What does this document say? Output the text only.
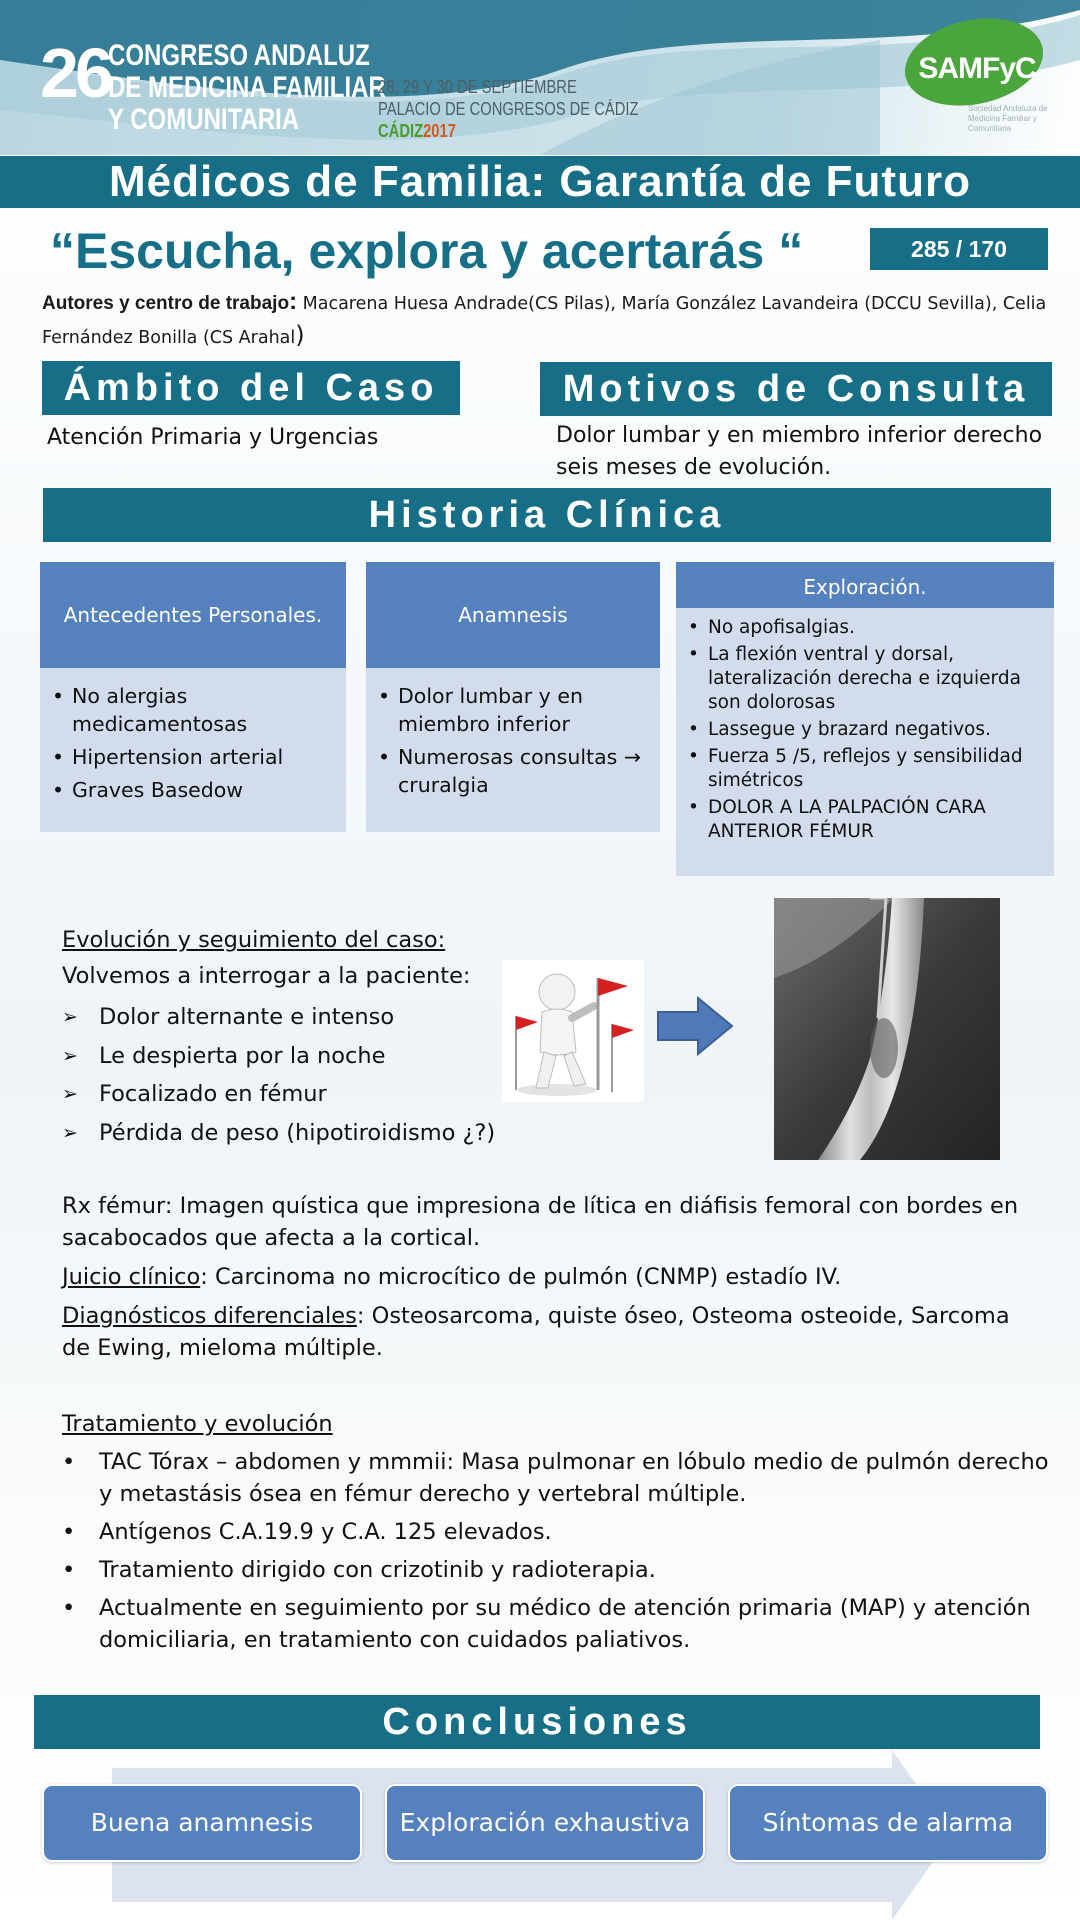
26
CONGRESO ANDALUZ
DE MEDICINA FAMILIAR
Y COMUNITARIA
28, 29 Y 30 DE SEPTIEMBRE
PALACIO DE CONGRESOS DE CÁDIZ
CÁDIZ2017
SAMFyC
Sociedad Andaluza de Medicina Familiar y Comunitaria
Médicos de Familia: Garantía de Futuro
“Escucha, explora y acertarás “	285 / 170
Autores y centro de trabajo: Macarena Huesa Andrade(CS Pilas), María González Lavandeira (DCCU Sevilla), Celia Fernández Bonilla (CS Arahal)
Ámbito del Caso	Motivos de Consulta
Atención Primaria y Urgencias	Dolor lumbar y en miembro inferior derecho seis meses de evolución.
Historia Clínica
Antecedentes Personales.
• No alergias medicamentosas
• Hipertension arterial
• Graves Basedow
Anamnesis
• Dolor lumbar y en miembro inferior
• Numerosas consultas → cruralgia
Exploración.
• No apofisalgias.
• La flexión ventral y dorsal, lateralización derecha e izquierda son dolorosas
• Lassegue y brazard negativos.
• Fuerza 5 /5, reflejos y sensibilidad simétricos
• DOLOR A LA PALPACIÓN CARA ANTERIOR FÉMUR
Evolución y seguimiento del caso:
Volvemos a interrogar a la paciente:
➢ Dolor alternante e intenso
➢ Le despierta por la noche
➢ Focalizado en fémur
➢ Pérdida de peso (hipotiroidismo ¿?)

Rx fémur: Imagen quística que impresiona de lítica en diáfisis femoral con bordes en sacabocados que afecta a la cortical.

Juicio clínico: Carcinoma no microcítico de pulmón (CNMP) estadío IV.

Diagnósticos diferenciales: Osteosarcoma, quiste óseo, Osteoma osteoide, Sarcoma de Ewing, mieloma múltiple.

Tratamiento y evolución
• TAC Tórax – abdomen y mmmii: Masa pulmonar en lóbulo medio de pulmón derecho y metastásis ósea en fémur derecho y vertebral múltiple.
• Antígenos C.A.19.9 y C.A. 125 elevados.
• Tratamiento dirigido con crizotinib y radioterapia.
• Actualmente en seguimiento por su médico de atención primaria (MAP) y atención domiciliaria, en tratamiento con cuidados paliativos.
Conclusiones
Buena anamnesis	Exploración exhaustiva	Síntomas de alarma
